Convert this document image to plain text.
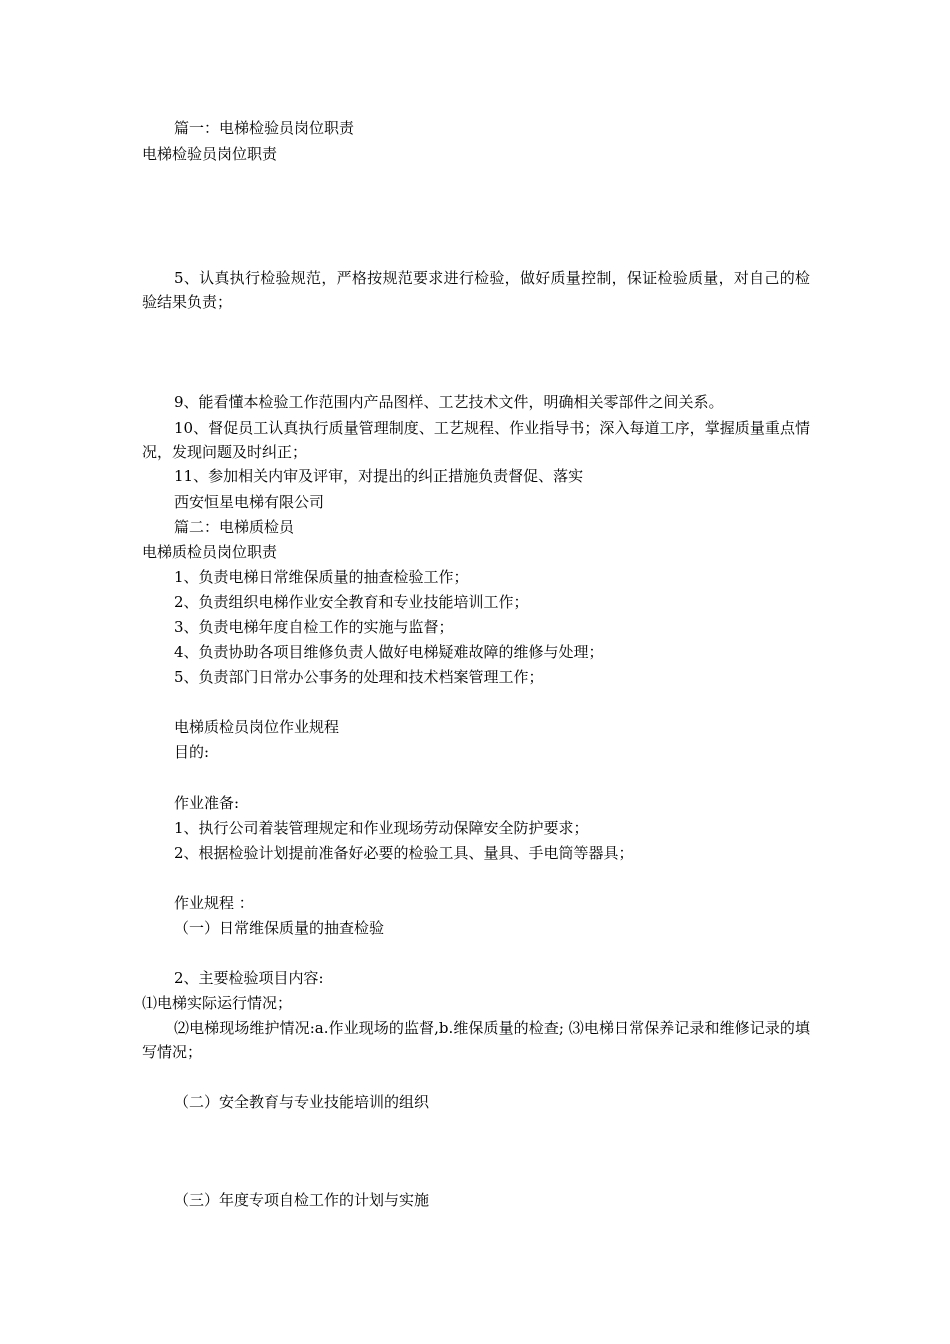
篇一：电梯检验员岗位职责
电梯检验员岗位职责
5、认真执行检验规范，严格按规范要求进行检验，做好质量控制，保证检验质量，对自己的检验结果负责；
9、能看懂本检验工作范围内产品图样、工艺技术文件，明确相关零部件之间关系。
10、督促员工认真执行质量管理制度、工艺规程、作业指导书；深入每道工序，掌握质量重点情况，发现问题及时纠正；
11、参加相关内审及评审，对提出的纠正措施负责督促、落实
西安恒星电梯有限公司
篇二：电梯质检员
电梯质检员岗位职责
1、负责电梯日常维保质量的抽查检验工作；
2、负责组织电梯作业安全教育和专业技能培训工作；
3、负责电梯年度自检工作的实施与监督；
4、负责协助各项目维修负责人做好电梯疑难故障的维修与处理；
5、负责部门日常办公事务的处理和技术档案管理工作；
电梯质检员岗位作业规程
目的:
作业准备:
1、执行公司着装管理规定和作业现场劳动保障安全防护要求；
2、根据检验计划提前准备好必要的检验工具、量具、手电筒等器具；
作业规程 ：
（一）日常维保质量的抽查检验
2、主要检验项目内容:
⑴电梯实际运行情况；
⑵电梯现场维护情况:a.作业现场的监督,b.维保质量的检查; ⑶电梯日常保养记录和维修记录的填写情况；
（二）安全教育与专业技能培训的组织
（三）年度专项自检工作的计划与实施
